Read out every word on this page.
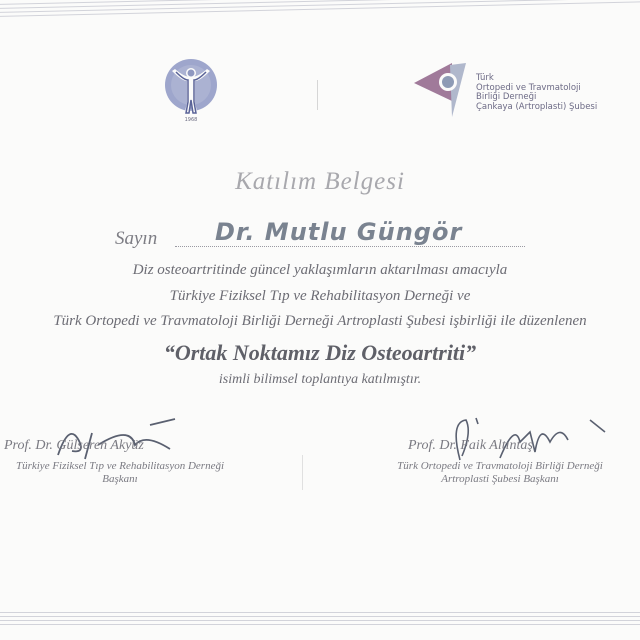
1968
Türk
Ortopedi ve Travmatoloji
Birliği Derneği
Çankaya (Artroplasti) Şubesi
Katılım Belgesi
Sayın Dr. Mutlu Güngör
Diz osteoartritinde güncel yaklaşımların aktarılması amacıyla
Türkiye Fiziksel Tıp ve Rehabilitasyon Derneği ve
Türk Ortopedi ve Travmatoloji Birliği Derneği Artroplasti Şubesi işbirliği ile düzenlenen
“Ortak Noktamız Diz Osteoartriti”
isimli bilimsel toplantıya katılmıştır.
Prof. Dr. Gülseren Akyüz
Türkiye Fiziksel Tıp ve Rehabilitasyon Derneği
Başkanı
Prof. Dr. Faik Altıntaş
Türk Ortopedi ve Travmatoloji Birliği Derneği
Artroplasti Şubesi Başkanı
